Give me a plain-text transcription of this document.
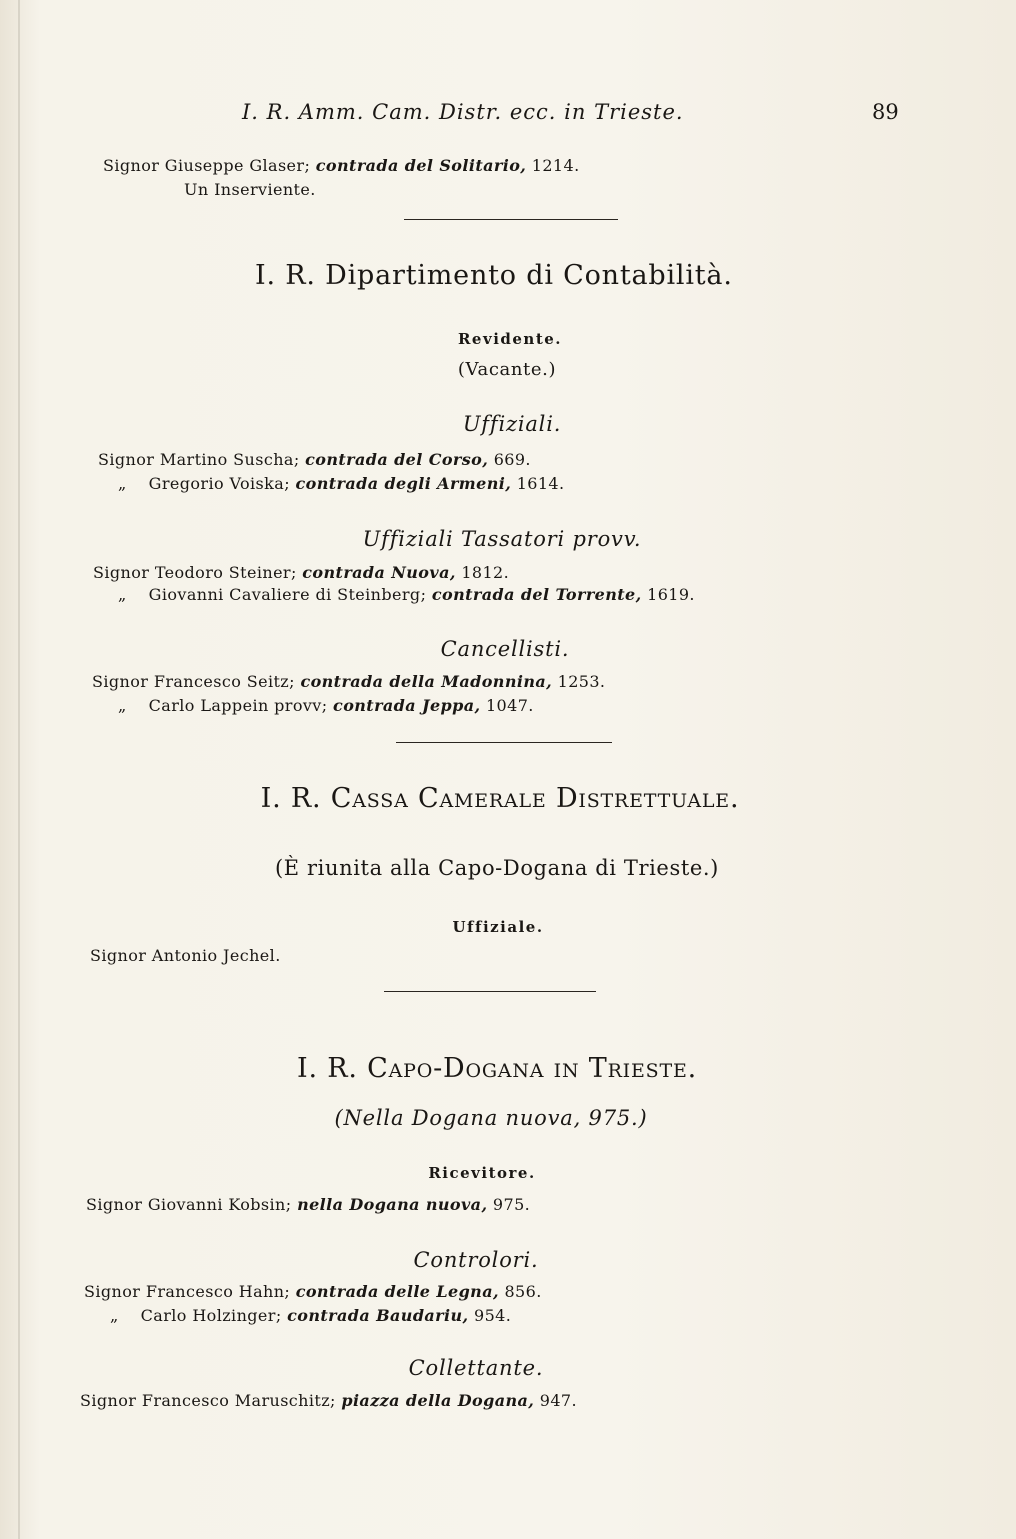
I. R. Amm. Cam. Distr. ecc. in Trieste.	89
Signor Giuseppe Glaser; contrada del Solitario, 1214.
Un Inserviente.
I. R. Dipartimento di Contabilità.
Revidente.
(Vacante.)
Uffiziali.
Signor Martino Suscha; contrada del Corso, 669.
„ Gregorio Voiska; contrada degli Armeni, 1614.
Uffiziali Tassatori provv.
Signor Teodoro Steiner; contrada Nuova, 1812.
„ Giovanni Cavaliere di Steinberg; contrada del Torrente, 1619.
Cancellisti.
Signor Francesco Seitz; contrada della Madonnina, 1253.
„ Carlo Lappein provv; contrada Jeppa, 1047.
I. R. Cassa Camerale Distrettuale.
(È riunita alla Capo-Dogana di Trieste.)
Uffiziale.
Signor Antonio Jechel.
I. R. Capo-Dogana in Trieste.
(Nella Dogana nuova, 975.)
Ricevitore.
Signor Giovanni Kobsin; nella Dogana nuova, 975.
Controlori.
Signor Francesco Hahn; contrada delle Legna, 856.
„ Carlo Holzinger; contrada Baudariu, 954.
Collettante.
Signor Francesco Maruschitz; piazza della Dogana, 947.
